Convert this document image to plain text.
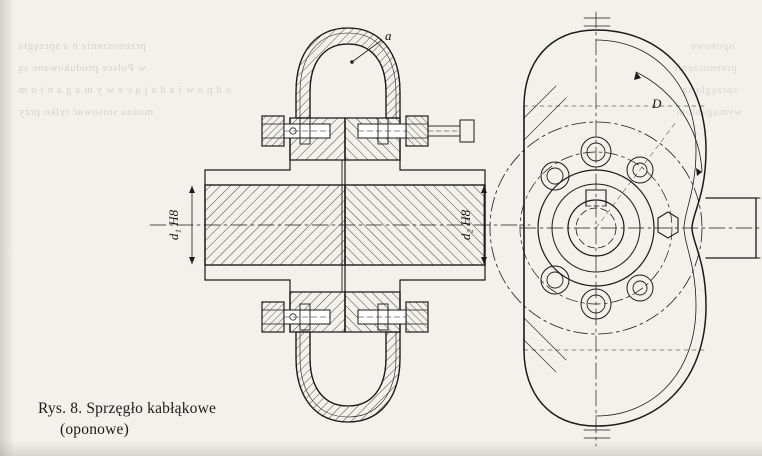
przenoszenie n a sprzęgła
w Polsce produkowane są
o d p o w i a d a j ą c e w y m a g a n i o m
można stosować tylko przy
oponowe
przenoszenie
sprzęgła są
wymaganiom
d₁ H8	d₂ H8
a
D
Rys. 8. Sprzęgło kabłąkowe
(oponowe)
